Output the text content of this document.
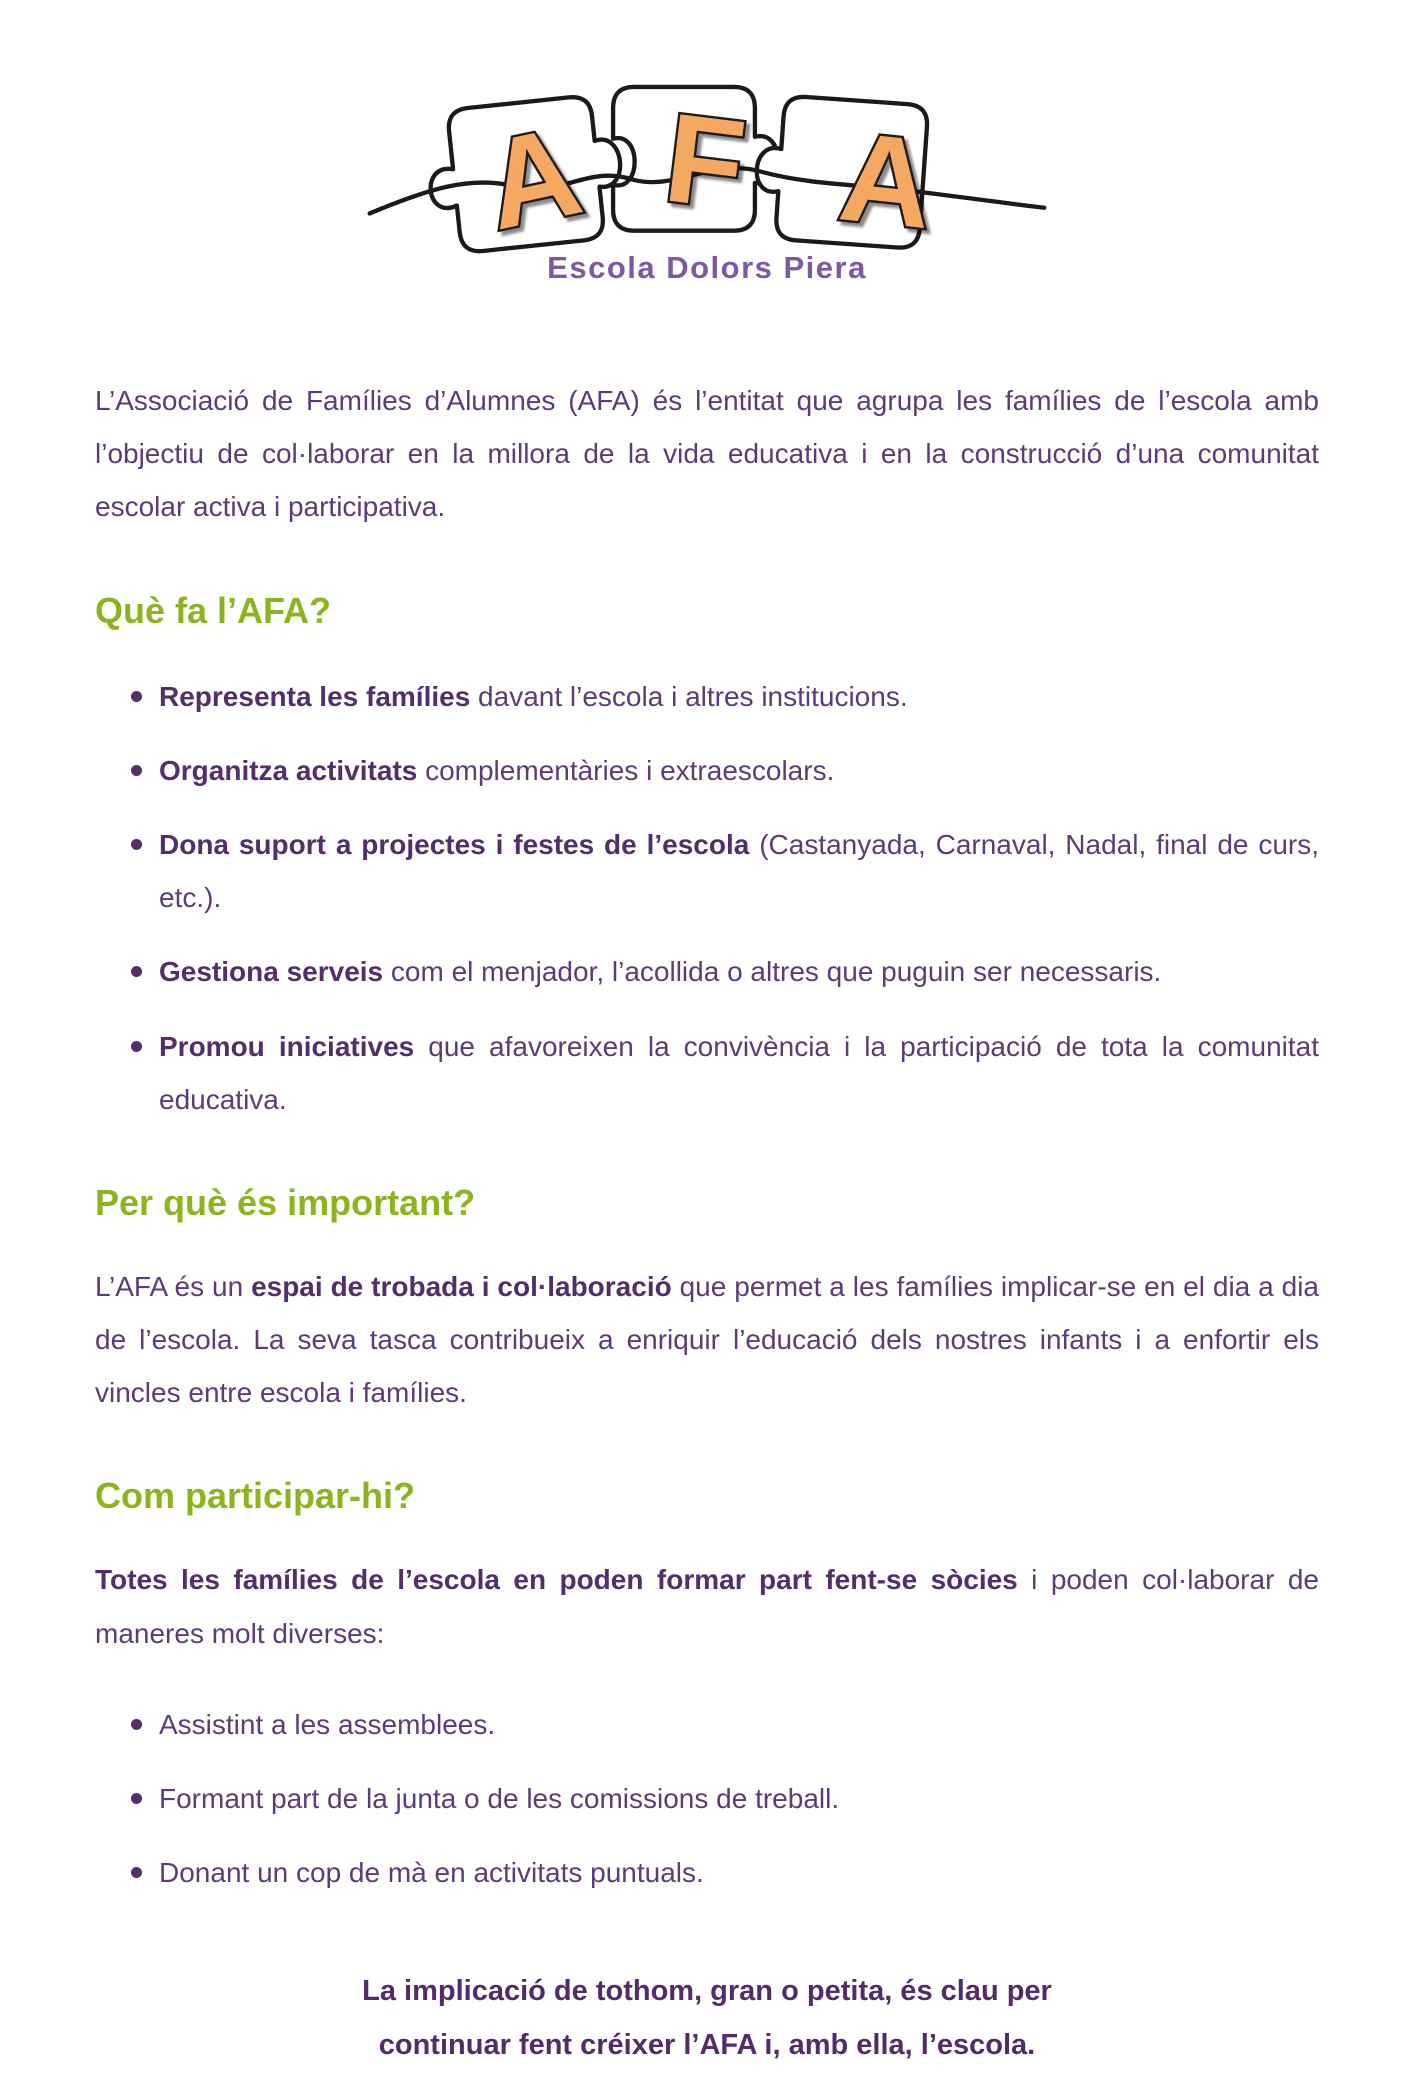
A F A
Escola Dolors Piera

L’Associació de Famílies d’Alumnes (AFA) és l’entitat que agrupa les famílies de l’escola amb l’objectiu de col·laborar en la millora de la vida educativa i en la construcció d’una comunitat escolar activa i participativa.

Què fa l’AFA?
Representa les famílies davant l’escola i altres institucions.
Organitza activitats complementàries i extraescolars.
Dona suport a projectes i festes de l’escola (Castanyada, Carnaval, Nadal, final de curs, etc.).
Gestiona serveis com el menjador, l’acollida o altres que puguin ser necessaris.
Promou iniciatives que afavoreixen la convivència i la participació de tota la comunitat educativa.
Per què és important?

L’AFA és un espai de trobada i col·laboració que permet a les famílies implicar-se en el dia a dia de l’escola. La seva tasca contribueix a enriquir l’educació dels nostres infants i a enfortir els vincles entre escola i famílies.

Com participar-hi?

Totes les famílies de l’escola en poden formar part fent-se sòcies i poden col·laborar de maneres molt diverses:

Assistint a les assemblees.
Formant part de la junta o de les comissions de treball.
Donant un cop de mà en activitats puntuals.
La implicació de tothom, gran o petita, és clau per
continuar fent créixer l’AFA i, amb ella, l’escola.
